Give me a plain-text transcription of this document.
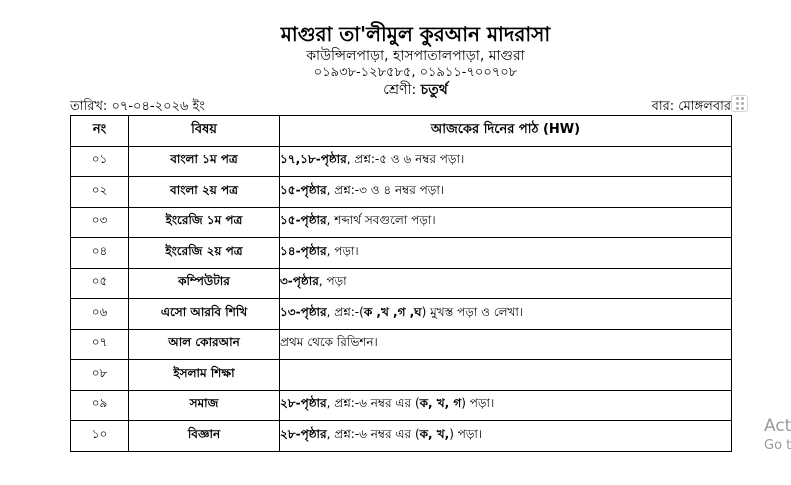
মাগুরা তা'লীমুল কুরআন মাদরাসা
কাউন্সিলপাড়া, হাসপাতালপাড়া, মাগুরা
০১৯৩৮-১২৮৫৮৫, ০১৯১১-৭০০৭০৮
শ্রেণী: চতুর্থ
তারিখ: ০৭-০৪-২০২৬ ইং	বার: মোঙ্গলবার
নং	বিষয়	আজকের দিনের পাঠ (HW)
০১	বাংলা ১ম পত্র	১৭,১৮-পৃষ্ঠার, প্রশ্ন:-৫ ও ৬ নম্বর পড়া।
০২	বাংলা ২য় পত্র	১৫-পৃষ্ঠার, প্রশ্ন:-৩ ও ৪ নম্বর পড়া।
০৩	ইংরেজি ১ম পত্র	১৫-পৃষ্ঠার, শব্দার্থ সবগুলো পড়া।
০৪	ইংরেজি ২য় পত্র	১৪-পৃষ্ঠার, পড়া।
০৫	কম্পিউটার	৩-পৃষ্ঠার, পড়া
০৬	এসো আরবি শিখি	১৩-পৃষ্ঠার, প্রশ্ন:-(ক ,খ ,গ ,ঘ) মুখস্ত পড়া ও লেখা।
০৭	আল কোরআন	প্রথম থেকে রিভিশন।
০৮	ইসলাম শিক্ষা	
০৯	সমাজ	২৮-পৃষ্ঠার, প্রশ্ন:-৬ নম্বর এর (ক, খ, গ) পড়া।
১০	বিজ্ঞান	২৮-পৃষ্ঠার, প্রশ্ন:-৬ নম্বর এর (ক, খ,) পড়া।	Act
Go t
